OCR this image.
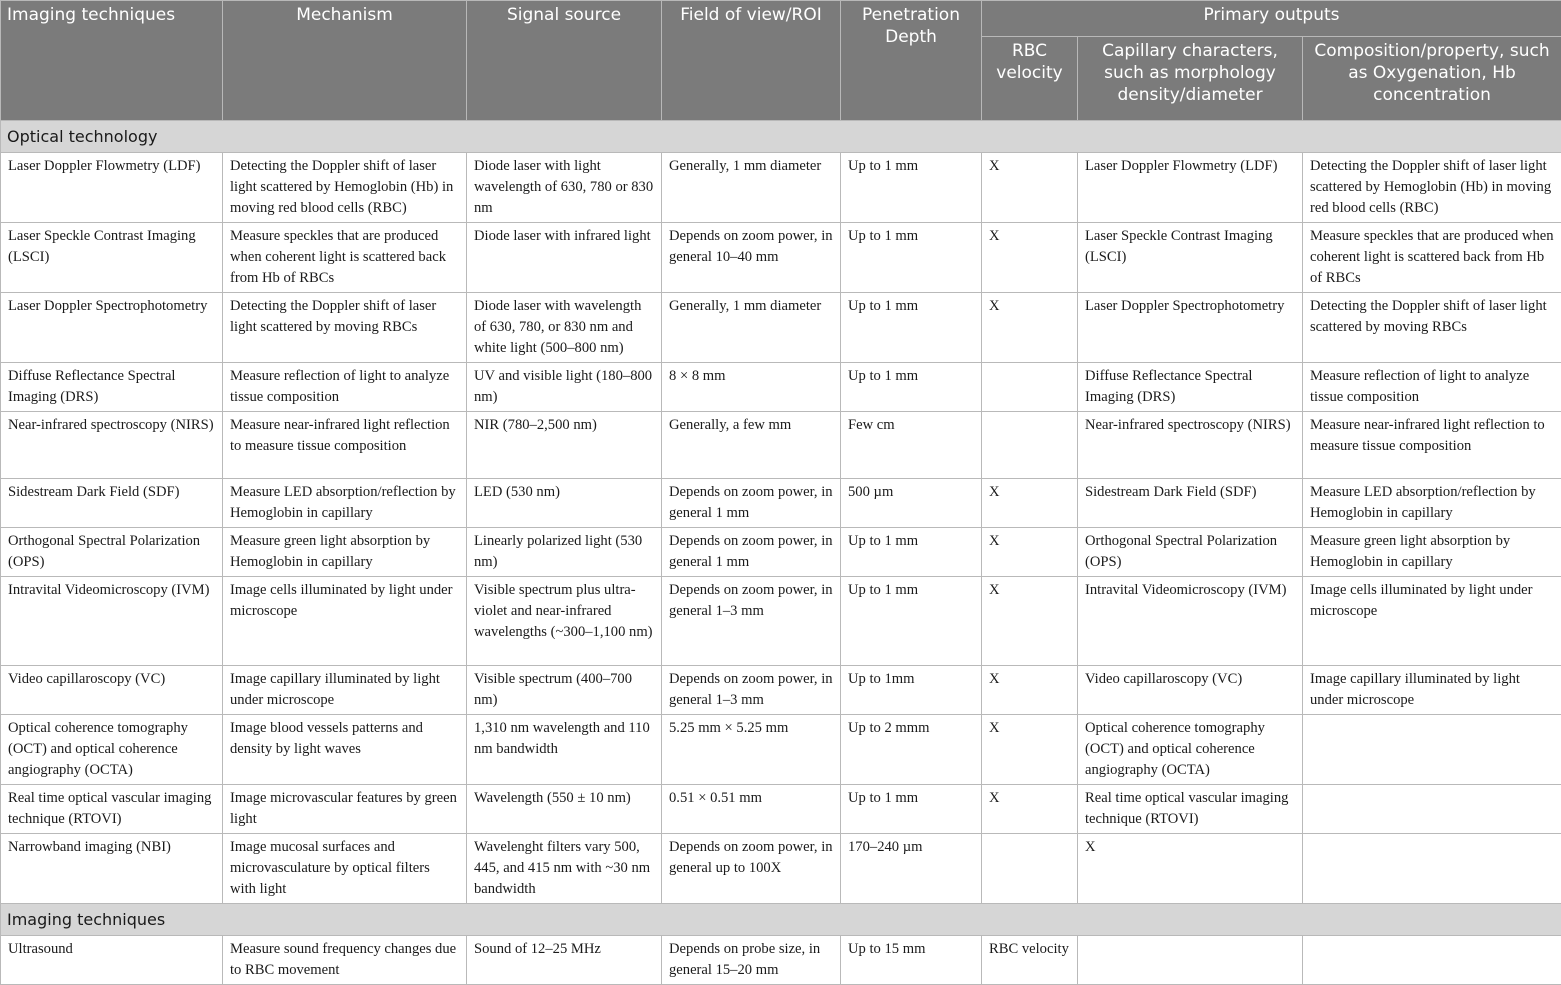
Imaging techniques	Mechanism	Signal source	Field of view/ROI	Penetration Depth	Primary outputs		
					RBC velocity	Capillary characters, such as morphology density/diameter	Composition/property, such as Oxygenation, Hb concentration
Optical technology							
Laser Doppler Flowmetry (LDF)	Detecting the Doppler shift of laser light scattered by Hemoglobin (Hb) in moving red blood cells (RBC)	Diode laser with light wavelength of 630, 780 or 830 nm	Generally, 1 mm diameter	Up to 1 mm	X	Laser Doppler Flowmetry (LDF)	Detecting the Doppler shift of laser light scattered by Hemoglobin (Hb) in moving red blood cells (RBC)
Laser Speckle Contrast Imaging (LSCI)	Measure speckles that are produced when coherent light is scattered back from Hb of RBCs	Diode laser with infrared light	Depends on zoom power, in general 10–40 mm	Up to 1 mm	X	Laser Speckle Contrast Imaging (LSCI)	Measure speckles that are produced when coherent light is scattered back from Hb of RBCs
Laser Doppler Spectrophotometry	Detecting the Doppler shift of laser light scattered by moving RBCs	Diode laser with wavelength of 630, 780, or 830 nm and white light (500–800 nm)	Generally, 1 mm diameter	Up to 1 mm	X	Laser Doppler Spectrophotometry	Detecting the Doppler shift of laser light scattered by moving RBCs
Diffuse Reflectance Spectral Imaging (DRS)	Measure reflection of light to analyze tissue composition	UV and visible light (180–800 nm)	8 × 8 mm	Up to 1 mm		Diffuse Reflectance Spectral Imaging (DRS)	Measure reflection of light to analyze tissue composition
Near-infrared spectroscopy (NIRS)	Measure near-infrared light reflection to measure tissue composition	NIR (780–2,500 nm)	Generally, a few mm	Few cm		Near-infrared spectroscopy (NIRS)	Measure near-infrared light reflection to measure tissue composition
Sidestream Dark Field (SDF)	Measure LED absorption/reflection by Hemoglobin in capillary	LED (530 nm)	Depends on zoom power, in general 1 mm	500 µm	X	Sidestream Dark Field (SDF)	Measure LED absorption/reflection by Hemoglobin in capillary
Orthogonal Spectral Polarization (OPS)	Measure green light absorption by Hemoglobin in capillary	Linearly polarized light (530 nm)	Depends on zoom power, in general 1 mm	Up to 1 mm	X	Orthogonal Spectral Polarization (OPS)	Measure green light absorption by Hemoglobin in capillary
Intravital Videomicroscopy (IVM)	Image cells illuminated by light under microscope	Visible spectrum plus ultra-violet and near-infrared wavelengths (~300–1,100 nm)	Depends on zoom power, in general 1–3 mm	Up to 1 mm	X	Intravital Videomicroscopy (IVM)	Image cells illuminated by light under microscope
Video capillaroscopy (VC)	Image capillary illuminated by light under microscope	Visible spectrum (400–700 nm)	Depends on zoom power, in general 1–3 mm	Up to 1mm	X	Video capillaroscopy (VC)	Image capillary illuminated by light under microscope
Optical coherence tomography (OCT) and optical coherence angiography (OCTA)	Image blood vessels patterns and density by light waves	1,310 nm wavelength and 110 nm bandwidth	5.25 mm × 5.25 mm	Up to 2 mmm	X	Optical coherence tomography (OCT) and optical coherence angiography (OCTA)	
Real time optical vascular imaging technique (RTOVI)	Image microvascular features by green light	Wavelength (550 ± 10 nm)	0.51 × 0.51 mm	Up to 1 mm	X	Real time optical vascular imaging technique (RTOVI)	
Narrowband imaging (NBI)	Image mucosal surfaces and microvasculature by optical filters with light	Wavelenght filters vary 500, 445, and 415 nm with ~30 nm bandwidth	Depends on zoom power, in general up to 100X	170–240 µm		X	
Imaging techniques							
Ultrasound	Measure sound frequency changes due to RBC movement	Sound of 12–25 MHz	Depends on probe size, in general 15–20 mm	Up to 15 mm	RBC velocity		
